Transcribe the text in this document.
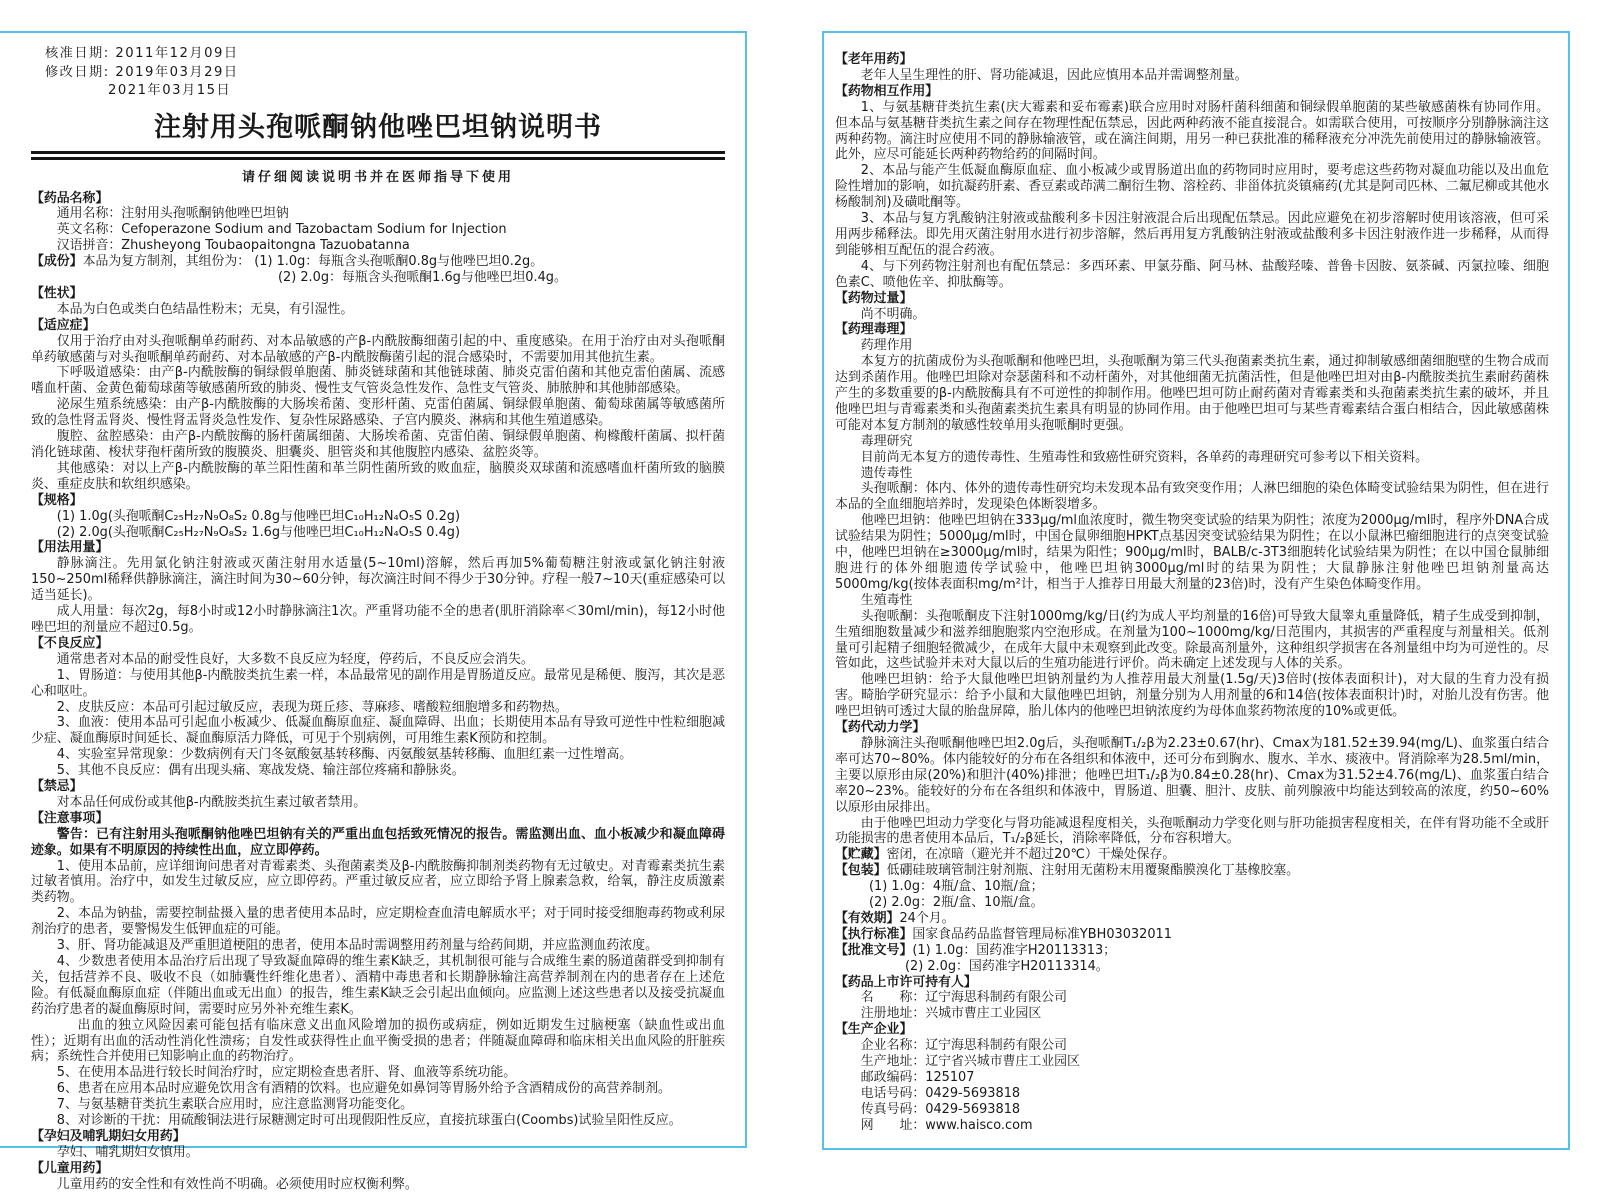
核准日期: 2011年12月09日
修改日期: 2019年03月29日
2021年03月15日
注射用头孢哌酮钠他唑巴坦钠说明书
请仔细阅读说明书并在医师指导下使用
【药品名称】
通用名称：注射用头孢哌酮钠他唑巴坦钠
英文名称：Cefoperazone Sodium and Tazobactam Sodium for Injection
汉语拼音：Zhusheyong Toubaopaitongna Tazuobatanna
【成份】本品为复方制剂，其组份为： (1) 1.0g：每瓶含头孢哌酮0.8g与他唑巴坦0.2g。
(2) 2.0g：每瓶含头孢哌酮1.6g与他唑巴坦0.4g。
【性状】
本品为白色或类白色结晶性粉末；无臭，有引湿性。
【适应症】
仅用于治疗由对头孢哌酮单药耐药、对本品敏感的产β-内酰胺酶细菌引起的中、重度感染。在用于治疗由对头孢哌酮单药敏感菌与对头孢哌酮单药耐药、对本品敏感的产β-内酰胺酶菌引起的混合感染时，不需要加用其他抗生素。
下呼吸道感染：由产β-内酰胺酶的铜绿假单胞菌、肺炎链球菌和其他链球菌、肺炎克雷伯菌和其他克雷伯菌属、流感嗜血杆菌、金黄色葡萄球菌等敏感菌所致的肺炎、慢性支气管炎急性发作、急性支气管炎、肺脓肿和其他肺部感染。
泌尿生殖系统感染：由产β-内酰胺酶的大肠埃希菌、变形杆菌、克雷伯菌属、铜绿假单胞菌、葡萄球菌属等敏感菌所致的急性肾盂肾炎、慢性肾盂肾炎急性发作、复杂性尿路感染、子宫内膜炎、淋病和其他生殖道感染。
腹腔、盆腔感染：由产β-内酰胺酶的肠杆菌属细菌、大肠埃希菌、克雷伯菌、铜绿假单胞菌、枸橼酸杆菌属、拟杆菌消化链球菌、梭状芽孢杆菌所致的腹膜炎、胆囊炎、胆管炎和其他腹腔内感染、盆腔炎等。
其他感染：对以上产β-内酰胺酶的革兰阳性菌和革兰阴性菌所致的败血症，脑膜炎双球菌和流感嗜血杆菌所致的脑膜炎、重症皮肤和软组织感染。
【规格】
(1) 1.0g(头孢哌酮C₂₅H₂₇N₉O₈S₂ 0.8g与他唑巴坦C₁₀H₁₂N₄O₅S 0.2g)
(2) 2.0g(头孢哌酮C₂₅H₂₇N₉O₈S₂ 1.6g与他唑巴坦C₁₀H₁₂N₄O₅S 0.4g)
【用法用量】
静脉滴注。先用氯化钠注射液或灭菌注射用水适量(5~10ml)溶解，然后再加5%葡萄糖注射液或氯化钠注射液150~250ml稀释供静脉滴注，滴注时间为30~60分钟，每次滴注时间不得少于30分钟。疗程一般7~10天(重症感染可以适当延长)。
成人用量：每次2g，每8小时或12小时静脉滴注1次。严重肾功能不全的患者(肌肝消除率＜30ml/min)，每12小时他唑巴坦的剂量应不超过0.5g。
【不良反应】
通常患者对本品的耐受性良好，大多数不良反应为轻度，停药后，不良反应会消失。
1、胃肠道：与使用其他β-内酰胺类抗生素一样，本品最常见的副作用是胃肠道反应。最常见是稀便、腹泻，其次是恶心和呕吐。
2、皮肤反应：本品可引起过敏反应，表现为斑丘疹、荨麻疹、嗜酸粒细胞增多和药物热。
3、血液：使用本品可引起血小板减少、低凝血酶原血症、凝血障碍、出血；长期使用本品有导致可逆性中性粒细胞减少症、凝血酶原时间延长、凝血酶原活力降低，可见于个别病例，可用维生素K预防和控制。
4、实验室异常现象：少数病例有天门冬氨酸氨基转移酶、丙氨酸氨基转移酶、血胆红素一过性增高。
5、其他不良反应：偶有出现头痛、寒战发烧、输注部位疼痛和静脉炎。
【禁忌】
对本品任何成份或其他β-内酰胺类抗生素过敏者禁用。
【注意事项】
警告：已有注射用头孢哌酮钠他唑巴坦钠有关的严重出血包括致死情况的报告。需监测出血、血小板减少和凝血障碍迹象。如果有不明原因的持续性出血，应立即停药。
1、使用本品前，应详细询问患者对青霉素类、头孢菌素类及β-内酰胺酶抑制剂类药物有无过敏史。对青霉素类抗生素过敏者慎用。治疗中，如发生过敏反应，应立即停药。严重过敏反应者，应立即给予肾上腺素急救，给氧，静注皮质激素类药物。
2、本品为钠盐，需要控制盐摄入量的患者使用本品时，应定期检查血清电解质水平；对于同时接受细胞毒药物或利尿剂治疗的患者，要警惕发生低钾血症的可能。
3、肝、肾功能减退及严重胆道梗阻的患者，使用本品时需调整用药剂量与给药间期，并应监测血药浓度。
4、少数患者使用本品治疗后出现了导致凝血障碍的维生素K缺乏，其机制很可能与合成维生素的肠道菌群受到抑制有关，包括营养不良、吸收不良（如肺囊性纤维化患者）、酒精中毒患者和长期静脉输注高营养制剂在内的患者存在上述危险。有低凝血酶原血症（伴随出血或无出血）的报告，维生素K缺乏会引起出血倾向。应监测上述这些患者以及接受抗凝血药治疗患者的凝血酶原时间，需要时应另外补充维生素K。
出血的独立风险因素可能包括有临床意义出血风险增加的损伤或病症，例如近期发生过脑梗塞（缺血性或出血性）；近期有出血的活动性消化性溃疡；自发性或获得性止血平衡受损的患者；伴随凝血障碍和临床相关出血风险的肝脏疾病；系统性合并使用已知影响止血的药物治疗。
5、在使用本品进行较长时间治疗时，应定期检查患者肝、肾、血液等系统功能。
6、患者在应用本品时应避免饮用含有酒精的饮料。也应避免如鼻饲等胃肠外给予含酒精成份的高营养制剂。
7、与氨基糖苷类抗生素联合应用时，应注意监测肾功能变化。
8、对诊断的干扰：用硫酸铜法进行尿糖测定时可出现假阳性反应，直接抗球蛋白(Coombs)试验呈阳性反应。
【孕妇及哺乳期妇女用药】
孕妇、哺乳期妇女慎用。
【儿童用药】
儿童用药的安全性和有效性尚不明确。必须使用时应权衡利弊。
【老年用药】
老年人呈生理性的肝、肾功能减退，因此应慎用本品并需调整剂量。
【药物相互作用】
1、与氨基糖苷类抗生素(庆大霉素和妥布霉素)联合应用时对肠杆菌科细菌和铜绿假单胞菌的某些敏感菌株有协同作用。但本品与氨基糖苷类抗生素之间存在物理性配伍禁忌，因此两种药液不能直接混合。如需联合使用，可按顺序分别静脉滴注这两种药物。滴注时应使用不同的静脉输液管，或在滴注间期，用另一种已获批准的稀释液充分冲洗先前使用过的静脉输液管。此外，应尽可能延长两种药物给药的间隔时间。
2、本品与能产生低凝血酶原血症、血小板减少或胃肠道出血的药物同时应用时，要考虑这些药物对凝血功能以及出血危险性增加的影响，如抗凝药肝素、香豆素或茚满二酮衍生物、溶栓药、非甾体抗炎镇痛药(尤其是阿司匹林、二氟尼柳或其他水杨酸制剂)及磺吡酮等。
3、本品与复方乳酸钠注射液或盐酸利多卡因注射液混合后出现配伍禁忌。因此应避免在初步溶解时使用该溶液，但可采用两步稀释法。即先用灭菌注射用水进行初步溶解，然后再用复方乳酸钠注射液或盐酸利多卡因注射液作进一步稀释，从而得到能够相互配伍的混合药液。
4、与下列药物注射剂也有配伍禁忌：多西环素、甲氯芬酯、阿马林、盐酸羟嗪、普鲁卡因胺、氨茶碱、丙氯拉嗪、细胞色素C、喷他佐辛、抑肽酶等。
【药物过量】
尚不明确。
【药理毒理】
药理作用
本复方的抗菌成份为头孢哌酮和他唑巴坦，头孢哌酮为第三代头孢菌素类抗生素，通过抑制敏感细菌细胞壁的生物合成而达到杀菌作用。他唑巴坦除对奈瑟菌科和不动杆菌外，对其他细菌无抗菌活性，但是他唑巴坦对由β-内酰胺类抗生素耐药菌株产生的多数重要的β-内酰胺酶具有不可逆性的抑制作用。他唑巴坦可防止耐药菌对青霉素类和头孢菌素类抗生素的破坏，并且他唑巴坦与青霉素类和头孢菌素类抗生素具有明显的协同作用。由于他唑巴坦可与某些青霉素结合蛋白相结合，因此敏感菌株可能对本复方制剂的敏感性较单用头孢哌酮时更强。
毒理研究
目前尚无本复方的遗传毒性、生殖毒性和致癌性研究资料，各单药的毒理研究可参考以下相关资料。
遗传毒性
头孢哌酮：体内、体外的遗传毒性研究均未发现本品有致突变作用；人淋巴细胞的染色体畸变试验结果为阴性，但在进行本品的全血细胞培养时，发现染色体断裂增多。
他唑巴坦钠：他唑巴坦钠在333μg/ml血浓度时，微生物突变试验的结果为阴性；浓度为2000μg/ml时，程序外DNA合成试验结果为阴性；5000μg/ml时，中国仓鼠卵细胞HPKT点基因突变试验结果为阴性；在以小鼠淋巴瘤细胞进行的点突变试验中，他唑巴坦钠在≥3000μg/ml时，结果为阳性；900μg/ml时，BALB/c-3T3细胞转化试验结果为阴性；在以中国仓鼠肺细胞进行的体外细胞遗传学试验中，他唑巴坦钠3000μg/ml时的结果为阴性；大鼠静脉注射他唑巴坦钠剂量高达5000mg/kg(按体表面积mg/m²计，相当于人推荐日用最大剂量的23倍)时，没有产生染色体畸变作用。
生殖毒性
头孢哌酮：头孢哌酮皮下注射1000mg/kg/日(约为成人平均剂量的16倍)可导致大鼠睾丸重量降低，精子生成受到抑制，生殖细胞数量减少和滋养细胞胞浆内空泡形成。在剂量为100~1000mg/kg/日范围内，其损害的严重程度与剂量相关。低剂量可引起精子细胞轻微减少，在成年大鼠中未观察到此改变。除最高剂量外，这种组织学损害在各剂量组中均为可逆性的。尽管如此，这些试验并未对大鼠以后的生殖功能进行评价。尚未确定上述发现与人体的关系。
他唑巴坦钠：给予大鼠他唑巴坦钠剂量约为人推荐用最大剂量(1.5g/天)3倍时(按体表面积计)，对大鼠的生育力没有损害。畸胎学研究显示：给予小鼠和大鼠他唑巴坦钠，剂量分别为人用剂量的6和14倍(按体表面积计)时，对胎儿没有伤害。他唑巴坦钠可透过大鼠的胎盘屏障，胎儿体内的他唑巴坦钠浓度约为母体血浆药物浓度的10%或更低。
【药代动力学】
静脉滴注头孢哌酮他唑巴坦2.0g后，头孢哌酮T₁/₂β为2.23±0.67(hr)、Cmax为181.52±39.94(mg/L)、血浆蛋白结合率可达70~80%。体内能较好的分布在各组织和体液中，还可分布到胸水、腹水、羊水、痰液中。肾消除率为28.5ml/min，主要以原形由尿(20%)和胆汁(40%)排泄；他唑巴坦T₁/₂β为0.84±0.28(hr)、Cmax为31.52±4.76(mg/L)、血浆蛋白结合率20~23%。能较好的分布在各组织和体液中，胃肠道、胆囊、胆汁、皮肤、前列腺液中均能达到较高的浓度，约50~60%以原形由尿排出。
由于他唑巴坦动力学变化与肾功能减退程度相关，头孢哌酮动力学变化则与肝功能损害程度相关，在伴有肾功能不全或肝功能损害的患者使用本品后，T₁/₂β延长，消除率降低，分布容积增大。
【贮藏】密闭，在凉暗（避光并不超过20℃）干燥处保存。
【包装】低硼硅玻璃管制注射剂瓶、注射用无菌粉末用覆聚酯膜溴化丁基橡胶塞。
(1) 1.0g：4瓶/盒、10瓶/盒；
(2) 2.0g：2瓶/盒、10瓶/盒。
【有效期】24个月。
【执行标准】国家食品药品监督管理局标准YBH03032011
【批准文号】(1) 1.0g：国药准字H20113313；
(2) 2.0g：国药准字H20113314。
【药品上市许可持有人】
名　　称：辽宁海思科制药有限公司
注册地址：兴城市曹庄工业园区
【生产企业】
企业名称：辽宁海思科制药有限公司
生产地址：辽宁省兴城市曹庄工业园区
邮政编码：125107
电话号码：0429-5693818
传真号码：0429-5693818
网　　址：www.haisco.com
